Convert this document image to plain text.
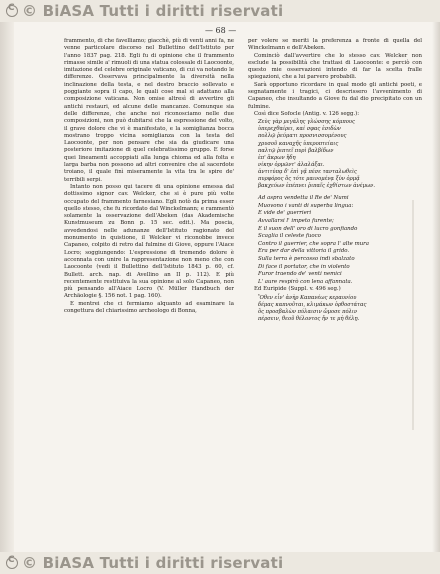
C
© BiASA Tutti i diritti riservati
— 68 —

frammento, di che favelliamo; giacchè, più di venti anni fa, ne venne particolare discorso nel Bullettino dell'Istituto per l'anno 1837 pag. 218. Egli fu di opinione che il frammento rimasse simile a' rimuoli di una statua colossale di Laocoonte, imitazione del celebre originale vaticano, di cui va notando le differenze. Osservava principalmente la diversità nella inclinazione della testa, e nel destro braccio sollevato e poggiante sopra il capo, le quali cose mal si adattano alla composizione vaticana. Non omise altresì di avvertire gli antichi restauri, ed alcune delle mancanze. Comunque sia delle differenze, che anche noi riconosciamo nelle due composizioni, non può dubitarsi che la espressione del volto, il grave dolore che vi è manifestato, e la somiglianza bocca mostrano troppo vicina somiglianza con la testa del Laocoonte, per non pensare che sia da giudicare una posteriore imitazione di quel celebratissimo gruppo. E forse quei lineamenti accoppiati alla lunga chioma ed alla folta e larga barba non possono ad altri convenire che al sacerdote troiano, il quale finì miseramente la vita tra le spire de' terribili serpi.

Intanto non posso qui tacere di una opinione emessa dal dottissimo signor cav. Welcker, che si è pure più volte occupato del frammento farnesiano. Egli notò da prima esser quello stesso, che fu ricordato dal Winckelmann; e rammentò solamente la osservazione dell'Abeken (das Akademische Kunstmuseum zu Bonn p. 15 sec. edit.). Ma poscia, avvedendosi nelle adunanze dell'Istituto ragionato del monumento in quistione, il Welcker vi riconobbe invece Capaneo, colpito di retro dal fulmine di Giove, oppure l'Aiace Locro; soggiungendo: L'espressione di tremendo dolore è accennata con unire la rappresentazione non meno che con Laocoonte (vedi il Bullettino dell'Istituto 1843 p. 60, cf. Bullett. arch. nap. di Avellino an II p. 112). E più recentemente restituiva la sua opinione al solo Capaneo, non più pensando all'Aiace Locro (V. Müller Handbuch der Archäologie §. 156 not. 1 pag. 160).

E mentrei che ci fermiamo alquanto ad esaminare la congettura del chiarissimo archeologo di Bonna,

per volere se meriti la preferenza a fronte di quella del Winckelmann e dell'Abeken.

Cominciò dall'avvertire che lo stesso cav. Welcker non esclude la possibilità che trattasi di Laocoonte: e perciò con questo mie osservazioni intendo di far la scelta fralle spiegazioni, che a lui parvero probabili.

Sarà opportuno ricordare in qual modo gli antichi poeti, e segnatamente i tragici, ci descrissero l'avvenimento di Capaneo, che insultando a Giove fu dal dio precipitato con un fulmine.

Così dice Sofocle (Antig. v. 126 segg.):

Ζεὺς γὰρ μεγάλης γλώσσης κόμπους
ὑπερεχθαίρει, καί σφας ἐσιδὼν
πολλῷ ῥεύματι προσνισσομένους
χρυσοῦ καναχῆς ὑπεροπτείαις
παλτῷ ῥιπτεῖ πυρὶ βαλβίδων
ἐπ' ἄκρων ἤδη
νίκην ὁρμῶντ' ἀλαλάξαι.
ἀντιτύπᾳ δ' ἐπὶ γᾷ πέσε τανταλωθεὶς
πυρφόρος ὃς τότε μαινομένᾳ ξὺν ὁρμᾷ
βακχεύων ἐπέπνει ῥιπαῖς ἐχθίστων ἀνέμων.
Ad aspra vendetta il Re de' Numi
Muovono i vanti di superba lingua:
E vide de' guerrieri
Avvallarsi l' impeto furente;
E il suon dell' oro di lucro gonfiando
Scaglia il celeste fuoco
Contro il guerrier, che sopra l' alte mura
Era per dar della vittoria il grido.
Sulla terra è percosso indi sbalzato
Di face il portator, che in violento
Furor traendo de' venti nemici
L' aure respirò con lena affannata.

Ed Euripide (Suppl. v. 496 seg.)

Ὃθεν εἶν' ἀνὴρ Καπανέως κεραυνίου
δέμας καπνοῦται, κλιμάκων ὀρθοστάτας
ὃς προσβαλὼν πύλαισιν ὤμοσε πόλιν
πέρσειν, θεοῦ θέλοντος ἤν τε μὴ θέλῃ.
C
© BiASA Tutti i diritti riservati
